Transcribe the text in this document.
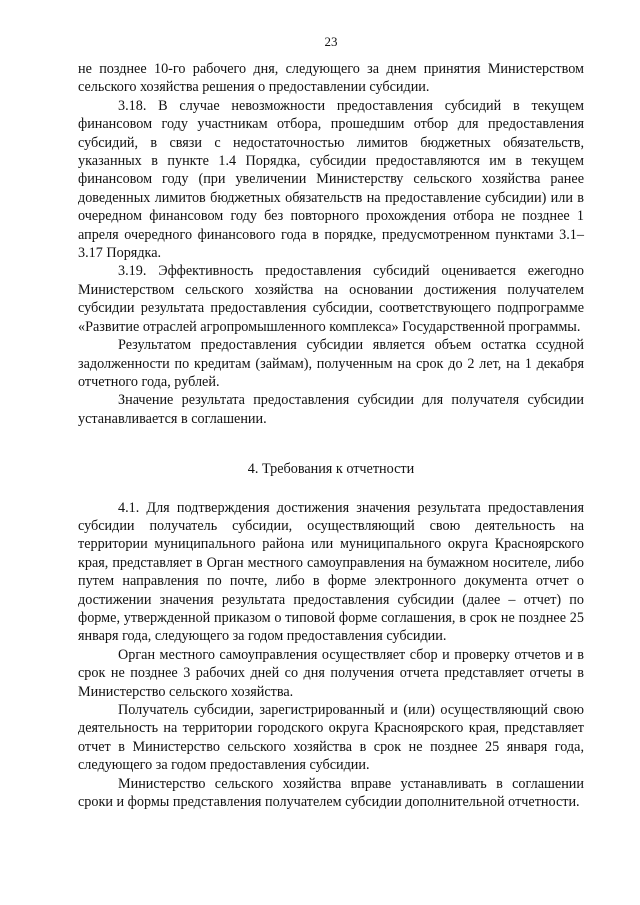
23

не позднее 10-го рабочего дня, следующего за днем принятия Министерством сельского хозяйства решения о предоставлении субсидии.

3.18. В случае невозможности предоставления субсидий в текущем финансовом году участникам отбора, прошедшим отбор для предоставления субсидий, в связи с недостаточностью лимитов бюджетных обязательств, указанных в пункте 1.4 Порядка, субсидии предоставляются им в текущем финансовом году (при увеличении Министерству сельского хозяйства ранее доведенных лимитов бюджетных обязательств на предоставление субсидии) или в очередном финансовом году без повторного прохождения отбора не позднее 1 апреля очередного финансового года в порядке, предусмотренном пунктами 3.1–3.17 Порядка.

3.19. Эффективность предоставления субсидий оценивается ежегодно Министерством сельского хозяйства на основании достижения получателем субсидии результата предоставления субсидии, соответствующего подпрограмме «Развитие отраслей агропромышленного комплекса» Государственной программы.

Результатом предоставления субсидии является объем остатка ссудной задолженности по кредитам (займам), полученным на срок до 2 лет, на 1 декабря отчетного года, рублей.

Значение результата предоставления субсидии для получателя субсидии устанавливается в соглашении.

4. Требования к отчетности

4.1. Для подтверждения достижения значения результата предоставления субсидии получатель субсидии, осуществляющий свою деятельность на территории муниципального района или муниципального округа Красноярского края, представляет в Орган местного самоуправления на бумажном носителе, либо путем направления по почте, либо в форме электронного документа отчет о достижении значения результата предоставления субсидии (далее – отчет) по форме, утвержденной приказом о типовой форме соглашения, в срок не позднее 25 января года, следующего за годом предоставления субсидии.

Орган местного самоуправления осуществляет сбор и проверку отчетов и в срок не позднее 3 рабочих дней со дня получения отчета представляет отчеты в Министерство сельского хозяйства.

Получатель субсидии, зарегистрированный и (или) осуществляющий свою деятельность на территории городского округа Красноярского края, представляет отчет в Министерство сельского хозяйства в срок не позднее 25 января года, следующего за годом предоставления субсидии.

Министерство сельского хозяйства вправе устанавливать в соглашении сроки и формы представления получателем субсидии дополнительной отчетности.
